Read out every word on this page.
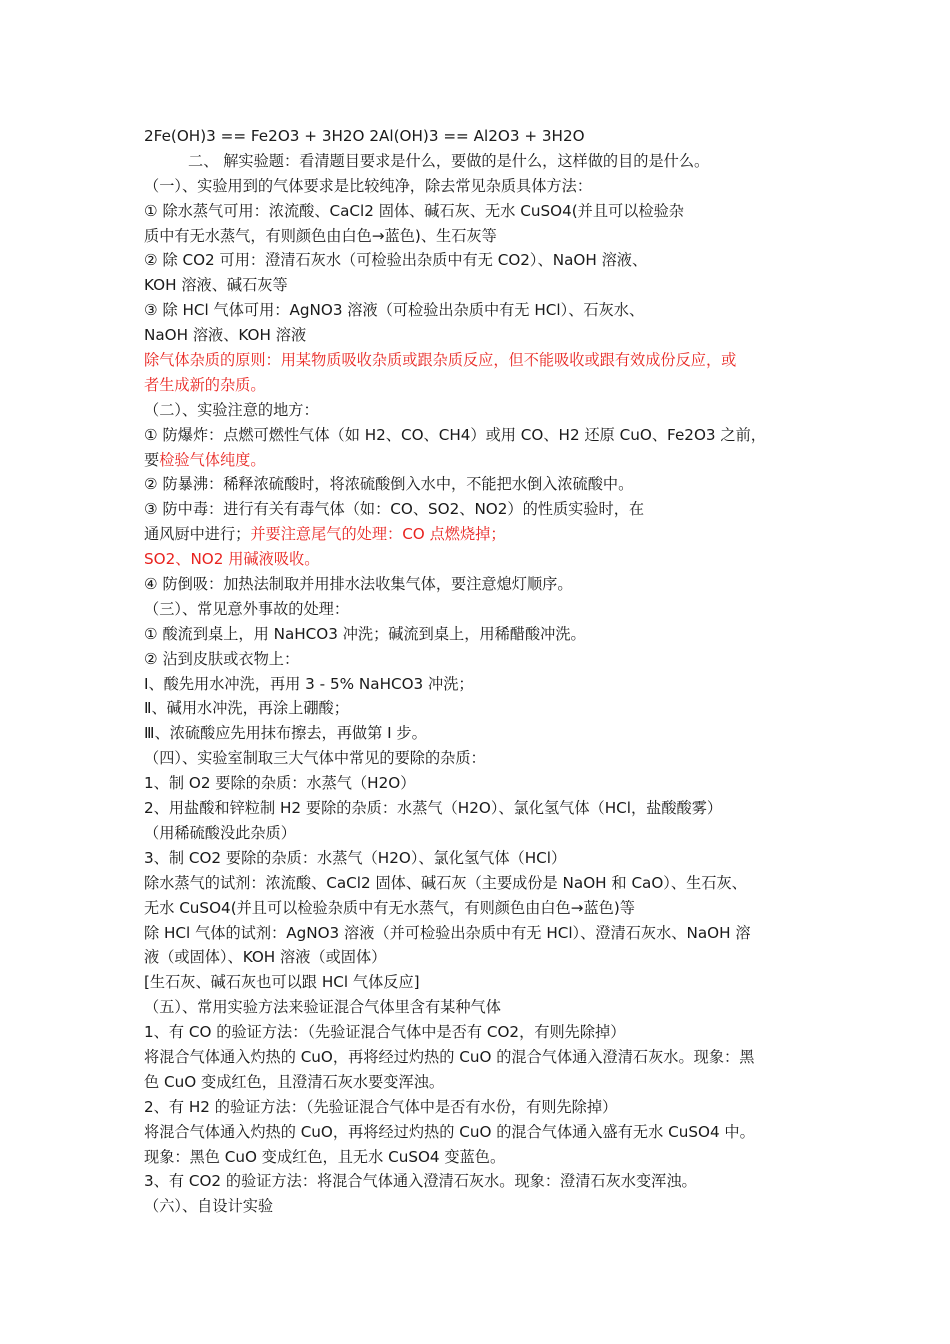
2Fe(OH)3 == Fe2O3 + 3H2O 2Al(OH)3 == Al2O3 + 3H2O
二、 解实验题：看清题目要求是什么，要做的是什么，这样做的目的是什么。
（一）、实验用到的气体要求是比较纯净，除去常见杂质具体方法：
① 除水蒸气可用：浓流酸、CaCl2 固体、碱石灰、无水 CuSO4(并且可以检验杂
质中有无水蒸气，有则颜色由白色→蓝色)、生石灰等
② 除 CO2 可用：澄清石灰水（可检验出杂质中有无 CO2）、NaOH 溶液、
KOH 溶液、碱石灰等
③ 除 HCl 气体可用：AgNO3 溶液（可检验出杂质中有无 HCl）、石灰水、
NaOH 溶液、KOH 溶液
除气体杂质的原则：用某物质吸收杂质或跟杂质反应，但不能吸收或跟有效成份反应，或
者生成新的杂质。
（二）、实验注意的地方：
① 防爆炸：点燃可燃性气体（如 H2、CO、CH4）或用 CO、H2 还原 CuO、Fe2O3 之前，
要检验气体纯度。
② 防暴沸：稀释浓硫酸时，将浓硫酸倒入水中，不能把水倒入浓硫酸中。
③ 防中毒：进行有关有毒气体（如：CO、SO2、NO2）的性质实验时，在
通风厨中进行；并要注意尾气的处理：CO 点燃烧掉；
SO2、NO2 用碱液吸收。
④ 防倒吸：加热法制取并用排水法收集气体，要注意熄灯顺序。
（三）、常见意外事故的处理：
① 酸流到桌上，用 NaHCO3 冲洗；碱流到桌上，用稀醋酸冲洗。
② 沾到皮肤或衣物上：
Ⅰ、酸先用水冲洗，再用 3 - 5% NaHCO3 冲洗；
Ⅱ、碱用水冲洗，再涂上硼酸；
Ⅲ、浓硫酸应先用抹布擦去，再做第 Ⅰ 步。
（四）、实验室制取三大气体中常见的要除的杂质：
1、制 O2 要除的杂质：水蒸气（H2O）
2、用盐酸和锌粒制 H2 要除的杂质：水蒸气（H2O）、氯化氢气体（HCl，盐酸酸雾）
（用稀硫酸没此杂质）
3、制 CO2 要除的杂质：水蒸气（H2O）、氯化氢气体（HCl）
除水蒸气的试剂：浓流酸、CaCl2 固体、碱石灰（主要成份是 NaOH 和 CaO）、生石灰、
无水 CuSO4(并且可以检验杂质中有无水蒸气，有则颜色由白色→蓝色)等
除 HCl 气体的试剂：AgNO3 溶液（并可检验出杂质中有无 HCl）、澄清石灰水、NaOH 溶
液（或固体）、KOH 溶液（或固体）
[生石灰、碱石灰也可以跟 HCl 气体反应]
（五）、常用实验方法来验证混合气体里含有某种气体
1、有 CO 的验证方法：（先验证混合气体中是否有 CO2，有则先除掉）
将混合气体通入灼热的 CuO，再将经过灼热的 CuO 的混合气体通入澄清石灰水。现象：黑
色 CuO 变成红色，且澄清石灰水要变浑浊。
2、有 H2 的验证方法：（先验证混合气体中是否有水份，有则先除掉）
将混合气体通入灼热的 CuO，再将经过灼热的 CuO 的混合气体通入盛有无水 CuSO4 中。
现象：黑色 CuO 变成红色，且无水 CuSO4 变蓝色。
3、有 CO2 的验证方法：将混合气体通入澄清石灰水。现象：澄清石灰水变浑浊。
（六）、自设计实验
